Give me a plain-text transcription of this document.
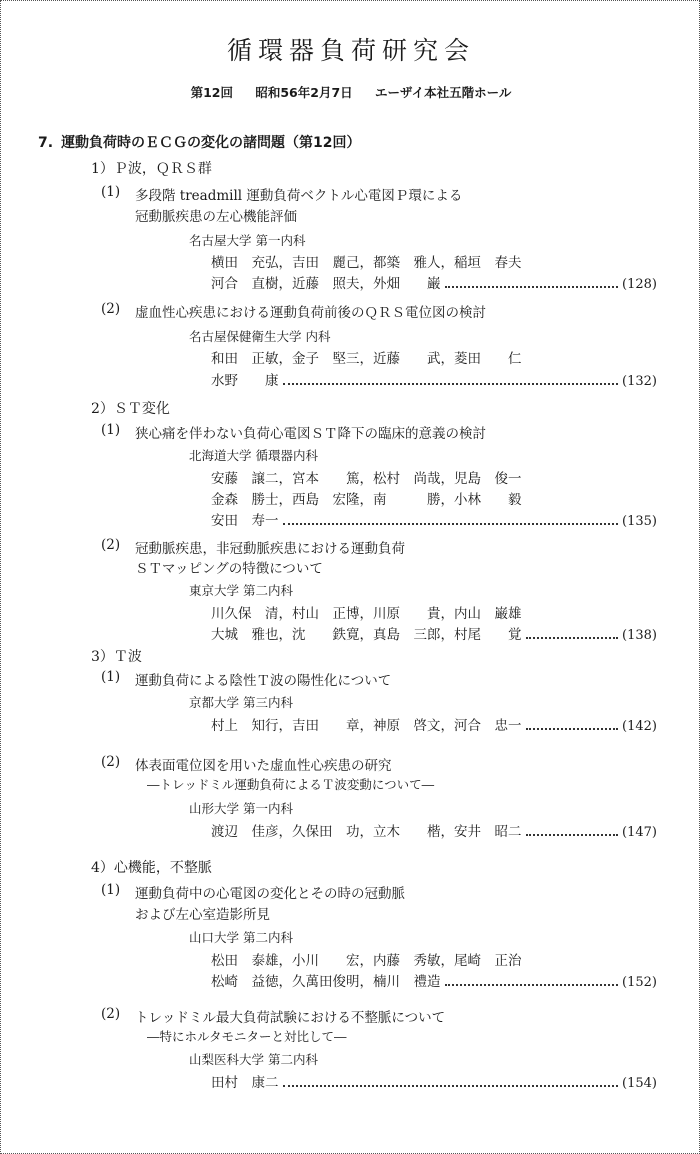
循環器負荷研究会
第12回 昭和56年2月7日 エーザイ本社五階ホール
7. 運動負荷時のＥＣＧの変化の諸問題（第12回）
1）Ｐ波，ＱＲＳ群
(1) 多段階 treadmill 運動負荷ベクトル心電図Ｐ環による
冠動脈疾患の左心機能評価
名古屋大学 第一内科
横田　充弘，吉田　麗己，都築　雅人，稲垣　春夫
河合　直樹，近藤　照夫，外畑　　巌	(128)
(2) 虚血性心疾患における運動負荷前後のＱＲＳ電位図の検討
名古屋保健衛生大学 内科
和田　正敏，金子　堅三，近藤　　武，菱田　　仁
水野　　康	(132)
2）ＳＴ変化
(1) 狭心痛を伴わない負荷心電図ＳＴ降下の臨床的意義の検討
北海道大学 循環器内科
安藤　譲二，宮本　　篤，松村　尚哉，児島　俊一
金森　勝士，西島　宏隆，南　　　勝，小林　　毅
安田　寿一	(135)
(2) 冠動脈疾患，非冠動脈疾患における運動負荷
ＳＴマッピングの特徴について
東京大学 第二内科
川久保　清，村山　正博，川原　　貴，内山　巌雄
大城　雅也，沈　　鉄寛，真島　三郎，村尾　　覚	(138)
3）Ｔ波
(1) 運動負荷による陰性Ｔ波の陽性化について
京都大学 第三内科
村上　知行，吉田　　章，神原　啓文，河合　忠一	(142)
(2) 体表面電位図を用いた虚血性心疾患の研究
―トレッドミル運動負荷によるＴ波変動について―
山形大学 第一内科
渡辺　佳彦，久保田　功，立木　　楷，安井　昭二	(147)
4）心機能，不整脈
(1) 運動負荷中の心電図の変化とその時の冠動脈
および左心室造影所見
山口大学 第二内科
松田　泰雄，小川　　宏，内藤　秀敏，尾崎　正治
松崎　益徳，久萬田俊明，楠川　禮造	(152)
(2) トレッドミル最大負荷試験における不整脈について
―特にホルタモニターと対比して―
山梨医科大学 第二内科
田村　康二	(154)
